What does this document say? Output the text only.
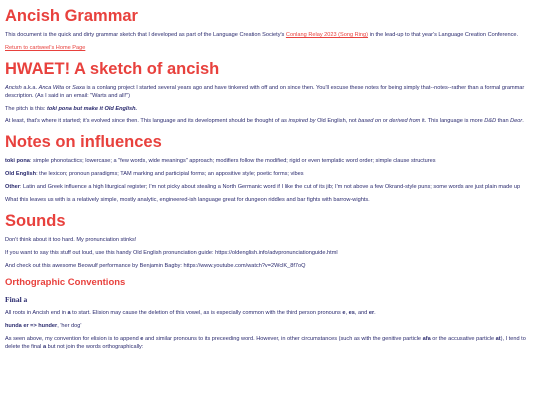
Ancish Grammar

This document is the quick and dirty grammar sketch that I developed as part of the Language Creation Society's Conlang Relay 2023 (Song Ring) in the lead-up to that year's Language Creation Conference.

Return to cartweel's Home Page

HWAET! A sketch of ancish

Ancish a.k.a. Anca Wita or Saxa is a conlang project I started several years ago and have tinkered with off and on since then. You'll excuse these notes for being simply that--notes--rather than a formal grammar description. (As I said in an email: "Warts and all!")

The pitch is this: toki pona but make it Old English.

At least, that's where it started; it's evolved since then. This language and its development should be thought of as inspired by Old English, not based on or derived from it. This language is more D&D than Deor.

Notes on influences

toki pona: simple phonotactics; lowercase; a "few words, wide meanings" approach; modifiers follow the modified; rigid or even templatic word order; simple clause structures

Old English: the lexicon; pronoun paradigms; TAM marking and participial forms; an appositive style; poetic forms; vibes

Other: Latin and Greek influence a high liturgical register; I'm not picky about stealing a North Germanic word if I like the cut of its jib; I'm not above a few Okrand-style puns; some words are just plain made up

What this leaves us with is a relatively simple, mostly analytic, engineered-ish language great for dungeon riddles and bar fights with barrow-wights.

Sounds

Don't think about it too hard. My pronunciation stinks!

If you want to say this stuff out loud, use this handy Old English pronunciation guide: https://oldenglish.info/advpronunciationguide.html

And check out this awesome Beowulf performance by Benjamin Bagby: https://www.youtube.com/watch?v=2WclK_8f7oQ

Orthographic Conventions
Final a

All roots in Ancish end in a to start. Elision may cause the deletion of this vowel, as is especially common with the third person pronouns e, es, and er.

hunda er => hunder, 'her dog'

As seen above, my convention for elision is to append e and similar pronouns to its preceeding word. However, in other circumstances (such as with the genitive particle afa or the accusative particle at), I tend to delete the final a but not join the words orthographically:
